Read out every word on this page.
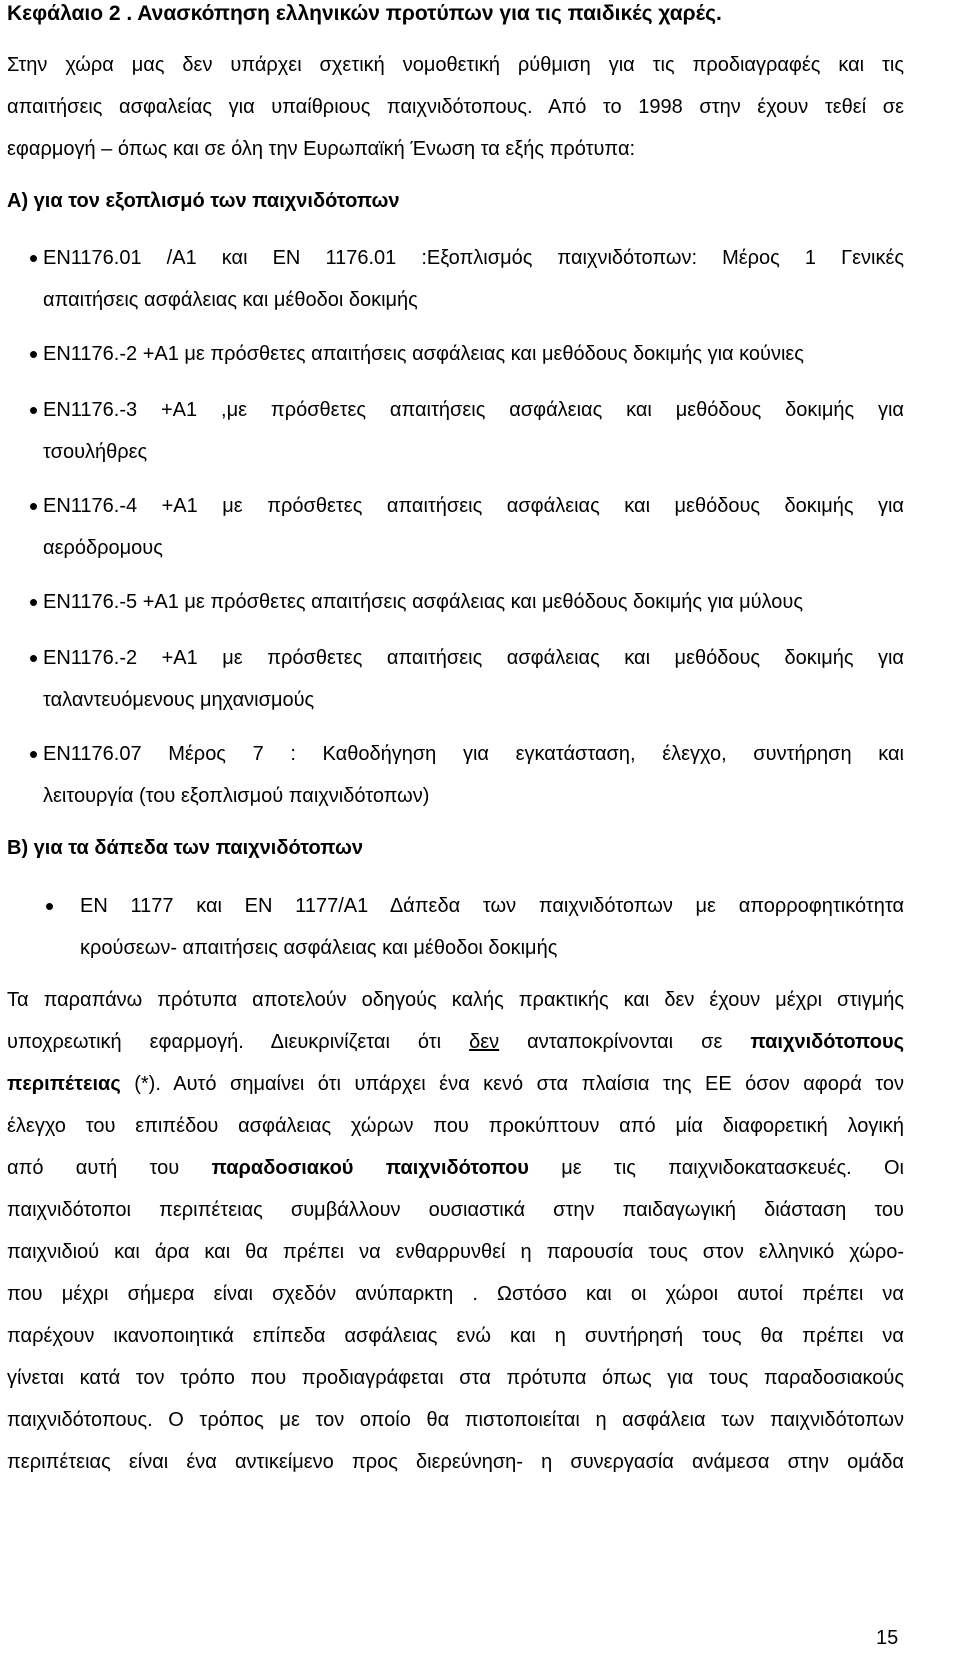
Κεφάλαιο 2 . Ανασκόπηση ελληνικών προτύπων για τις παιδικές χαρές.
Στην χώρα μας δεν υπάρχει σχετική νομοθετική ρύθμιση για τις προδιαγραφές και τις
απαιτήσεις ασφαλείας για υπαίθριους παιχνιδότοπους. Από το 1998 στην έχουν τεθεί σε
εφαρμογή – όπως και σε όλη την Ευρωπαϊκή Ένωση τα εξής πρότυπα:
Α) για τον εξοπλισμό των παιχνιδότοπων
ΕΝ1176.01 /Α1 και ΕΝ 1176.01 :Εξοπλισμός παιχνιδότοπων: Μέρος 1 Γενικές
απαιτήσεις ασφάλειας και μέθοδοι δοκιμής
ΕΝ1176.-2 +Α1 με πρόσθετες απαιτήσεις ασφάλειας και μεθόδους δοκιμής για κούνιες
ΕΝ1176.-3 +Α1 ,με πρόσθετες απαιτήσεις ασφάλειας και μεθόδους δοκιμής για
τσουλήθρες
ΕΝ1176.-4 +Α1 με πρόσθετες απαιτήσεις ασφάλειας και μεθόδους δοκιμής για
αερόδρομους
ΕΝ1176.-5 +Α1 με πρόσθετες απαιτήσεις ασφάλειας και μεθόδους δοκιμής για μύλους
ΕΝ1176.-2 +Α1 με πρόσθετες απαιτήσεις ασφάλειας και μεθόδους δοκιμής για
ταλαντευόμενους μηχανισμούς
ΕΝ1176.07 Μέρος 7 : Καθοδήγηση για εγκατάσταση, έλεγχο, συντήρηση και
λειτουργία (του εξοπλισμού παιχνιδότοπων)
Β) για τα δάπεδα των παιχνιδότοπων
ΕΝ 1177 και ΕΝ 1177/Α1 Δάπεδα των παιχνιδότοπων με απορροφητικότητα
κρούσεων- απαιτήσεις ασφάλειας και μέθοδοι δοκιμής
Τα παραπάνω πρότυπα αποτελούν οδηγούς καλής πρακτικής και δεν έχουν μέχρι στιγμής
υποχρεωτική εφαρμογή. Διευκρινίζεται ότι δεν ανταποκρίνονται σε παιχνιδότοπους
περιπέτειας (*). Αυτό σημαίνει ότι υπάρχει ένα κενό στα πλαίσια της ΕΕ όσον αφορά τον
έλεγχο του επιπέδου ασφάλειας χώρων που προκύπτουν από μία διαφορετική λογική
από αυτή του παραδοσιακού παιχνιδότοπου με τις παιχνιδοκατασκευές. Οι
παιχνιδότοποι περιπέτειας συμβάλλουν ουσιαστικά στην παιδαγωγική διάσταση του
παιχνιδιού και άρα και θα πρέπει να ενθαρρυνθεί η παρουσία τους στον ελληνικό χώρο-
που μέχρι σήμερα είναι σχεδόν ανύπαρκτη . Ωστόσο και οι χώροι αυτοί πρέπει να
παρέχουν ικανοποιητικά επίπεδα ασφάλειας ενώ και η συντήρησή τους θα πρέπει να
γίνεται κατά τον τρόπο που προδιαγράφεται στα πρότυπα όπως για τους παραδοσιακούς
παιχνιδότοπους. Ο τρόπος με τον οποίο θα πιστοποιείται η ασφάλεια των παιχνιδότοπων
περιπέτειας είναι ένα αντικείμενο προς διερεύνηση- η συνεργασία ανάμεσα στην ομάδα
15
